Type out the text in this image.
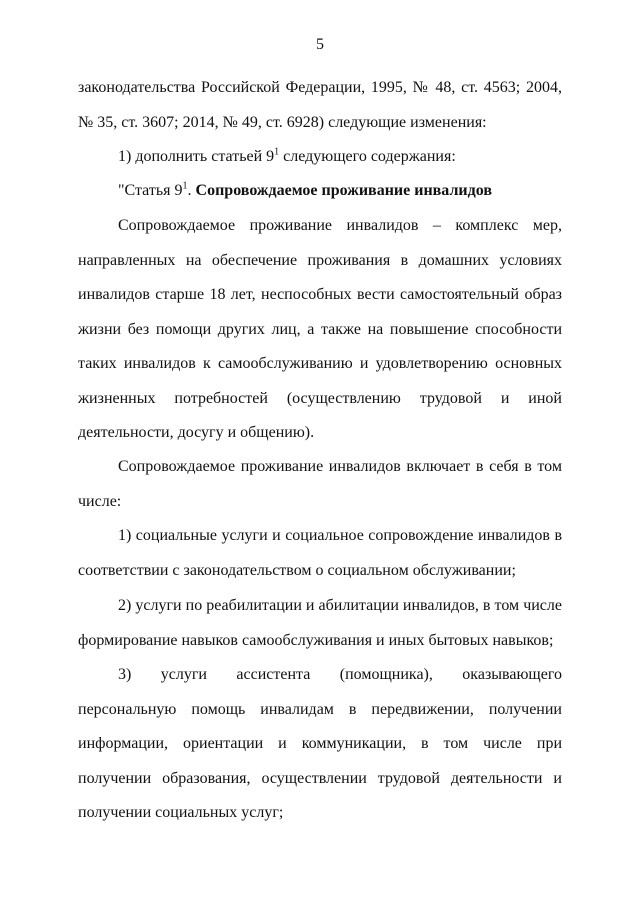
5

законодательства Российской Федерации, 1995, № 48, ст. 4563; 2004, № 35, ст. 3607; 2014, № 49, ст. 6928) следующие изменения:

1) дополнить статьей $9^1$ следующего содержания:

"Статья $9^1$. Сопровождаемое проживание инвалидов

Сопровождаемое проживание инвалидов – комплекс мер, направленных на обеспечение проживания в домашних условиях инвалидов старше 18 лет, неспособных вести самостоятельный образ жизни без помощи других лиц, а также на повышение способности таких инвалидов к самообслуживанию и удовлетворению основных жизненных потребностей (осуществлению трудовой и иной деятельности, досугу и общению).

Сопровождаемое проживание инвалидов включает в себя в том числе:

1) социальные услуги и социальное сопровождение инвалидов в соответствии с законодательством о социальном обслуживании;

2) услуги по реабилитации и абилитации инвалидов, в том числе формирование навыков самообслуживания и иных бытовых навыков;

3) услуги ассистента (помощника), оказывающего персональную помощь инвалидам в передвижении, получении информации, ориентации и коммуникации, в том числе при получении образования, осуществлении трудовой деятельности и получении социальных услуг;
